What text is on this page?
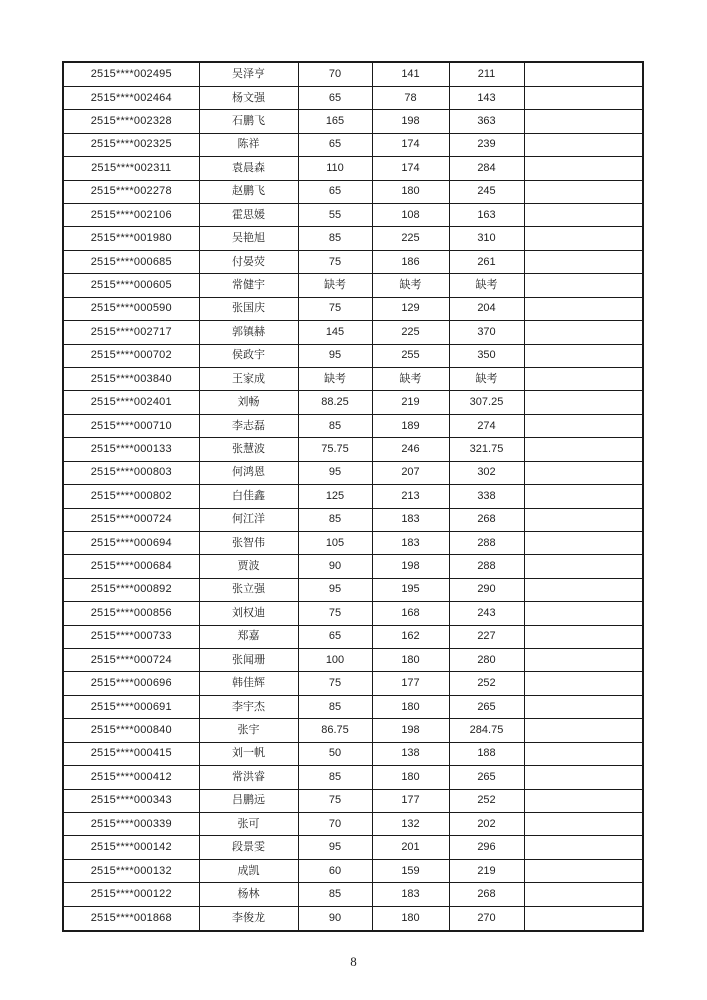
2515****002495	吴泽亨	70	141	211	
2515****002464	杨文强	65	78	143	
2515****002328	石鹏飞	165	198	363	
2515****002325	陈祥	65	174	239	
2515****002311	袁晨森	110	174	284	
2515****002278	赵鹏飞	65	180	245	
2515****002106	霍思媛	55	108	163	
2515****001980	吴艳旭	85	225	310	
2515****000685	付晏荧	75	186	261	
2515****000605	常健宇	缺考	缺考	缺考	
2515****000590	张国庆	75	129	204	
2515****002717	郭镇赫	145	225	370	
2515****000702	侯政宇	95	255	350	
2515****003840	王家成	缺考	缺考	缺考	
2515****002401	刘畅	88.25	219	307.25	
2515****000710	李志磊	85	189	274	
2515****000133	张慧波	75.75	246	321.75	
2515****000803	何鸿恩	95	207	302	
2515****000802	白佳鑫	125	213	338	
2515****000724	何江洋	85	183	268	
2515****000694	张智伟	105	183	288	
2515****000684	贾波	90	198	288	
2515****000892	张立强	95	195	290	
2515****000856	刘权迪	75	168	243	
2515****000733	郑嘉	65	162	227	
2515****000724	张闻珊	100	180	280	
2515****000696	韩佳辉	75	177	252	
2515****000691	李宇杰	85	180	265	
2515****000840	张宇	86.75	198	284.75	
2515****000415	刘一帆	50	138	188	
2515****000412	常洪睿	85	180	265	
2515****000343	吕鹏远	75	177	252	
2515****000339	张可	70	132	202	
2515****000142	段景雯	95	201	296	
2515****000132	成凯	60	159	219	
2515****000122	杨林	85	183	268	
2515****001868	李俊龙	90	180	270	
8
